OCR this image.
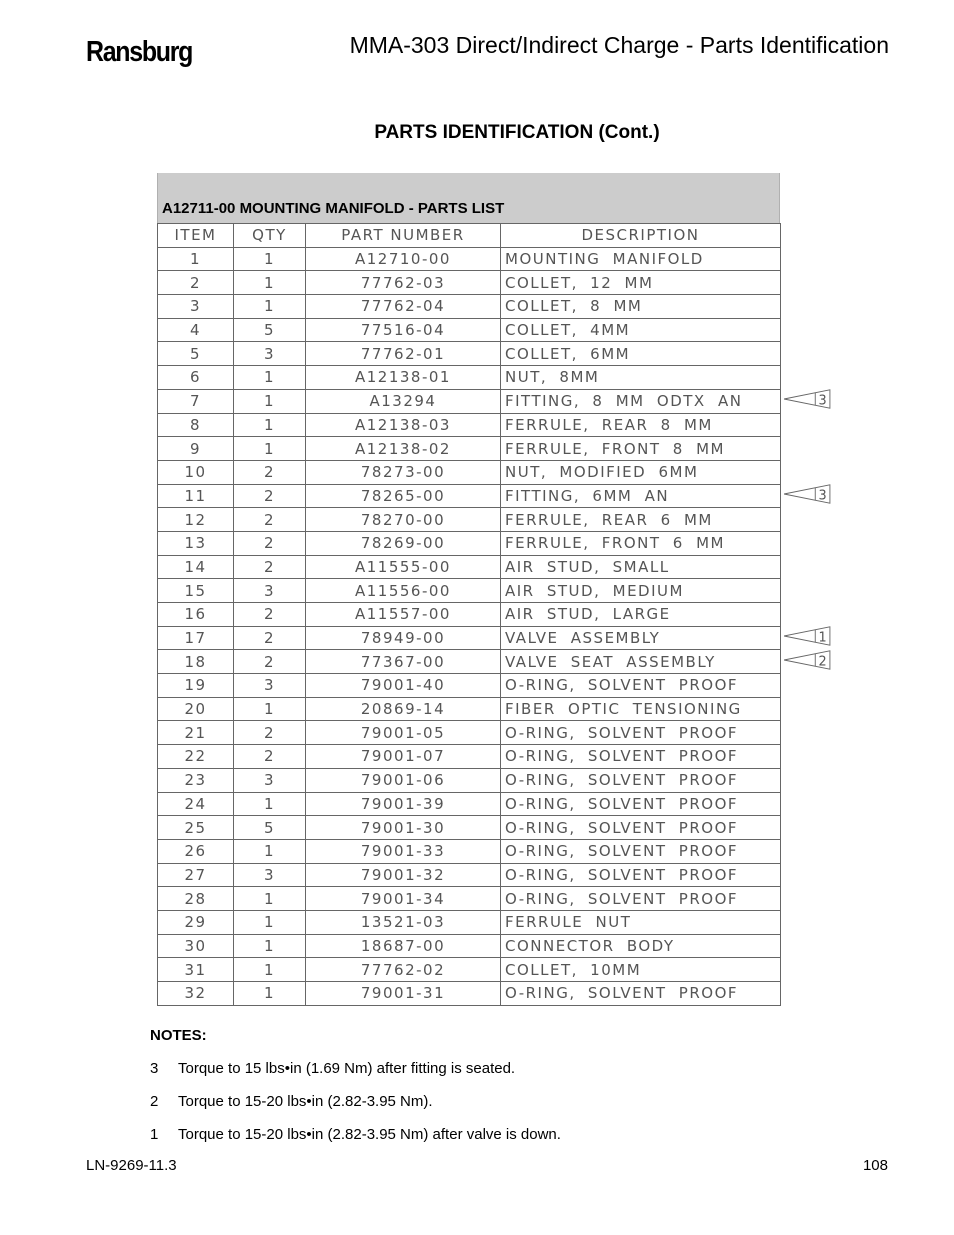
Ransburg	MMA-303 Direct/Indirect Charge - Parts Identification
PARTS IDENTIFICATION (Cont.)
A12711-00 MOUNTING MANIFOLD - PARTS LIST
ITEM	QTY	PART NUMBER	DESCRIPTION
1	1	A12710-00	MOUNTING MANIFOLD
2	1	77762-03	COLLET, 12 MM
3	1	77762-04	COLLET, 8 MM
4	5	77516-04	COLLET, 4MM
5	3	77762-01	COLLET, 6MM
6	1	A12138-01	NUT, 8MM
7	1	A13294	FITTING, 8 MM ODTX AN
8	1	A12138-03	FERRULE, REAR 8 MM
9	1	A12138-02	FERRULE, FRONT 8 MM
10	2	78273-00	NUT, MODIFIED 6MM
11	2	78265-00	FITTING, 6MM AN
12	2	78270-00	FERRULE, REAR 6 MM
13	2	78269-00	FERRULE, FRONT 6 MM
14	2	A11555-00	AIR STUD, SMALL
15	3	A11556-00	AIR STUD, MEDIUM
16	2	A11557-00	AIR STUD, LARGE
17	2	78949-00	VALVE ASSEMBLY
18	2	77367-00	VALVE SEAT ASSEMBLY
19	3	79001-40	O-RING, SOLVENT PROOF
20	1	20869-14	FIBER OPTIC TENSIONING
21	2	79001-05	O-RING, SOLVENT PROOF
22	2	79001-07	O-RING, SOLVENT PROOF
23	3	79001-06	O-RING, SOLVENT PROOF
24	1	79001-39	O-RING, SOLVENT PROOF
25	5	79001-30	O-RING, SOLVENT PROOF
26	1	79001-33	O-RING, SOLVENT PROOF
27	3	79001-32	O-RING, SOLVENT PROOF
28	1	79001-34	O-RING, SOLVENT PROOF
29	1	13521-03	FERRULE NUT
30	1	18687-00	CONNECTOR BODY
31	1	77762-02	COLLET, 10MM
32	1	79001-31	O-RING, SOLVENT PROOF
3
3
1
2
NOTES:
3 Torque to 15 lbs•in (1.69 Nm) after fitting is seated.
2 Torque to 15-20 lbs•in (2.82-3.95 Nm).
1 Torque to 15-20 lbs•in (2.82-3.95 Nm) after valve is down.
LN-9269-11.3	108
